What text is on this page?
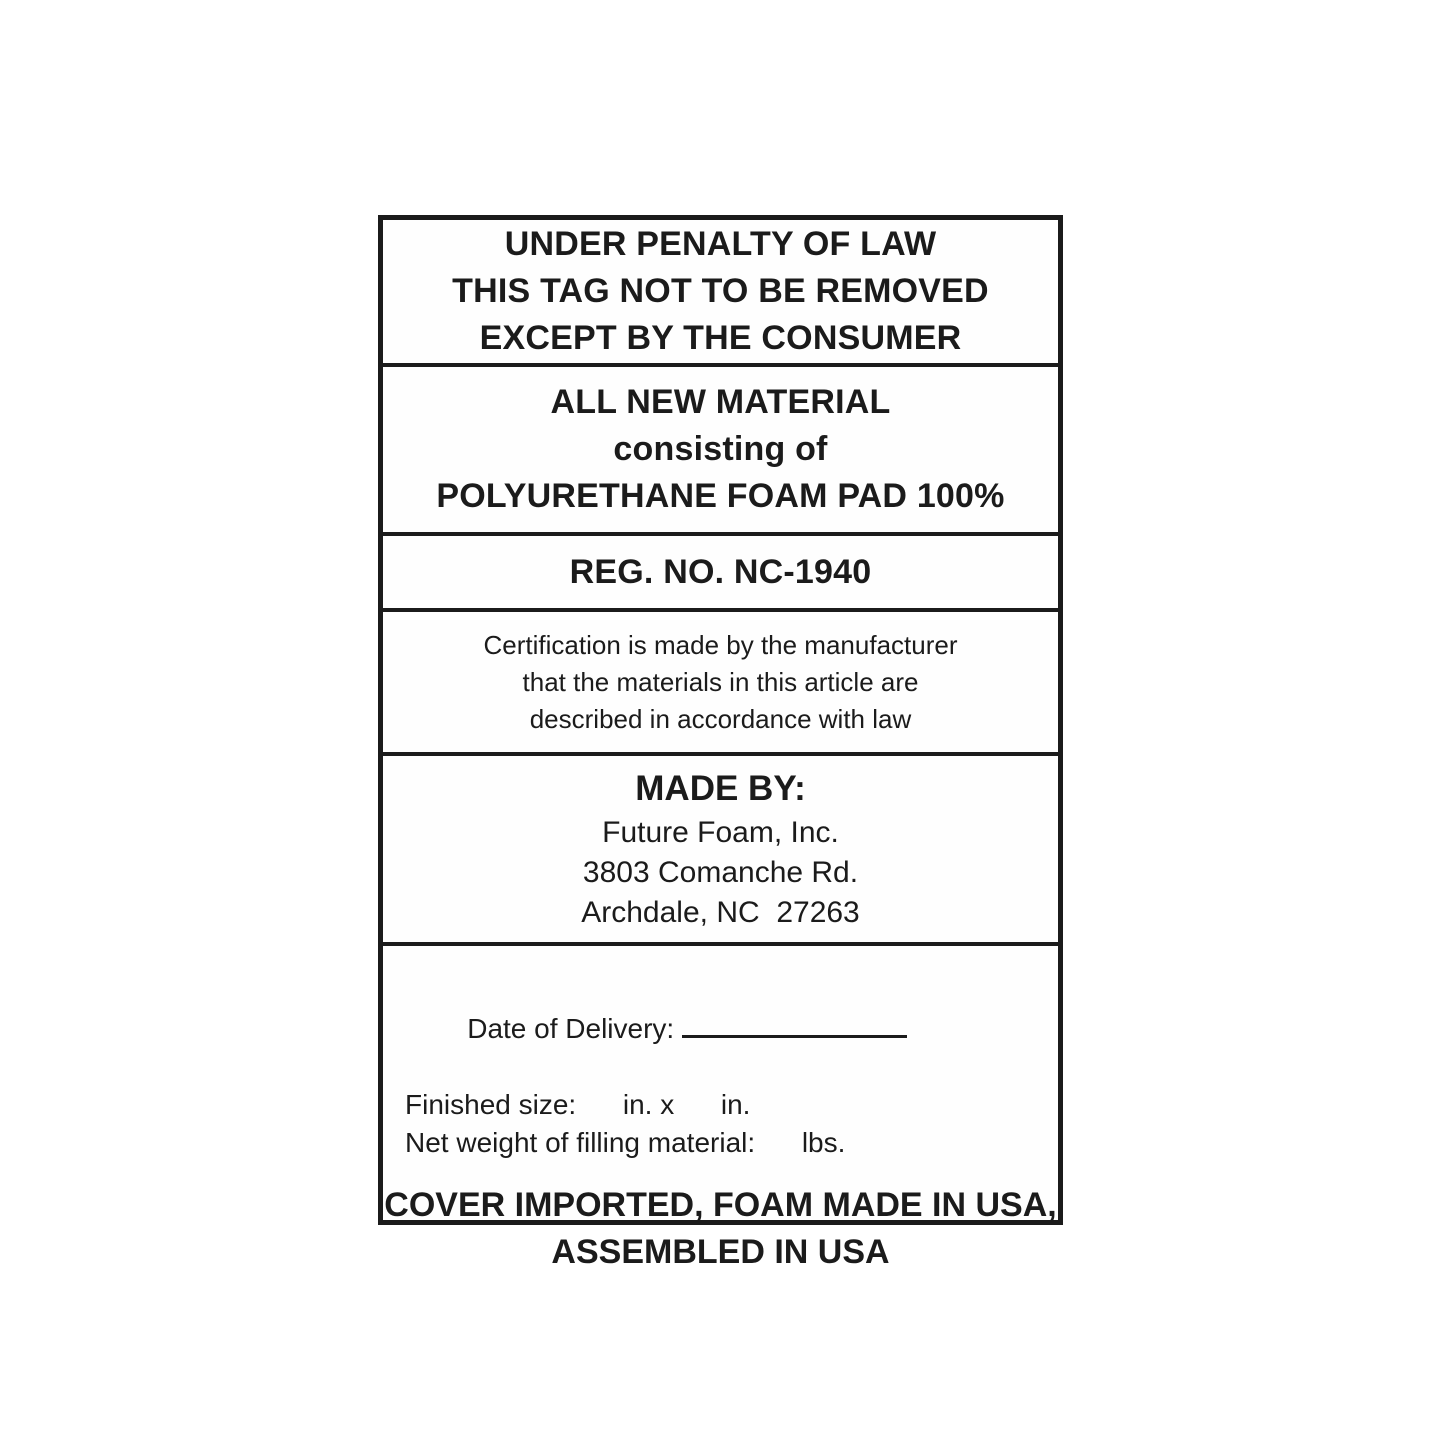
UNDER PENALTY OF LAW
THIS TAG NOT TO BE REMOVED
EXCEPT BY THE CONSUMER
ALL NEW MATERIAL
consisting of
POLYURETHANE FOAM PAD 100%
REG. NO. NC-1940
Certification is made by the manufacturer
that the materials in this article are
described in accordance with law
MADE BY:
Future Foam, Inc.
3803 Comanche Rd.
Archdale, NC  27263

Date of Delivery:

Finished size:      in. x      in.
Net weight of filling material:      lbs.
COVER IMPORTED, FOAM MADE IN USA,
ASSEMBLED IN USA
